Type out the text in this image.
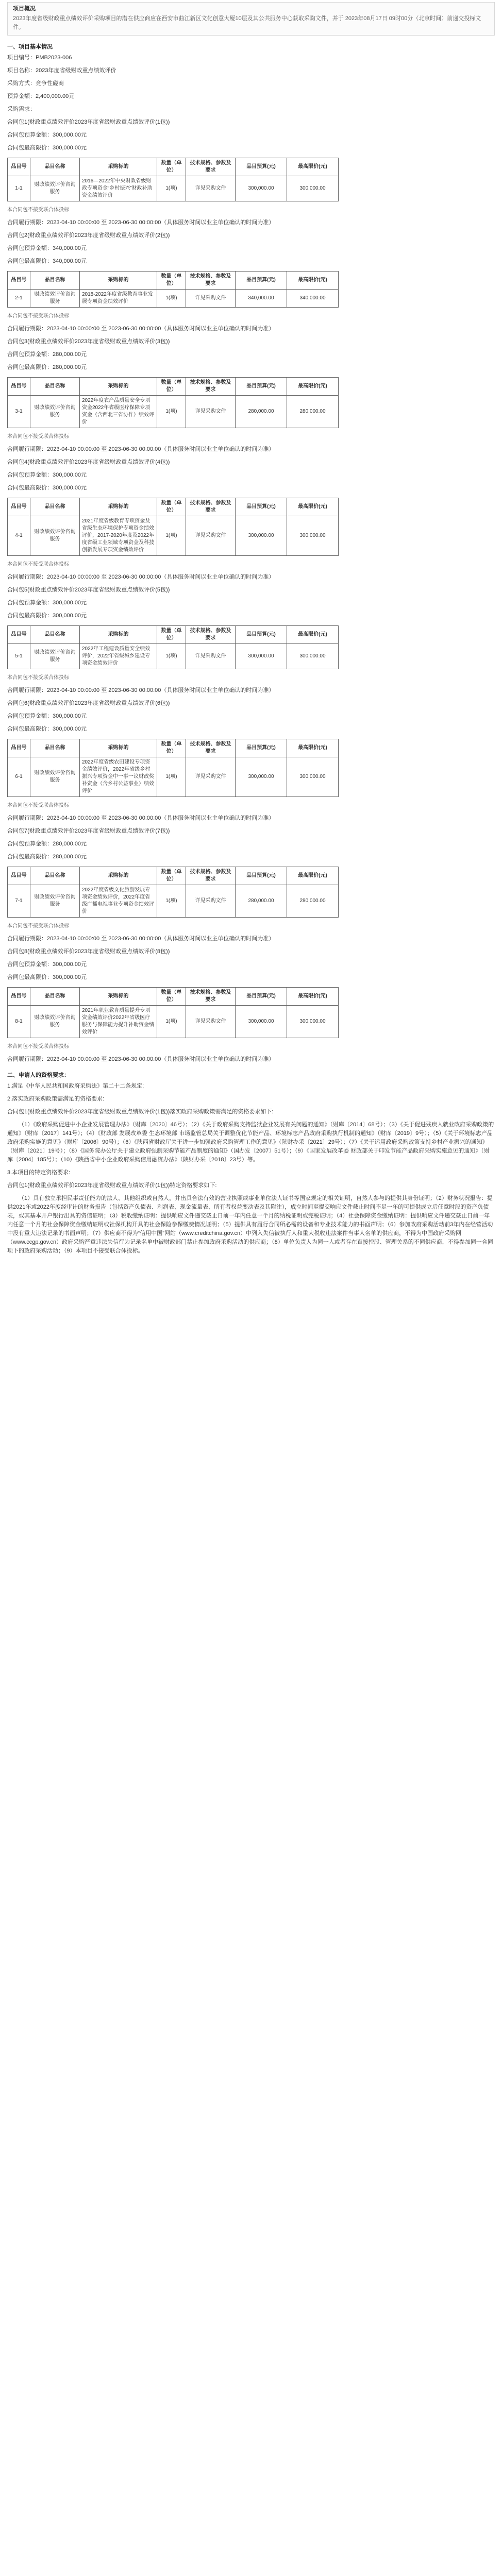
项目概况
2023年度省级财政重点绩效评价采购项目的潜在供应商应在西安市曲江新区文化创意大厦10层及其公共服务中心获取采购文件，并于 2023年08月17日 09时00分（北京时间）前递交投标文件。
一、项目基本情况

项目编号：PMB2023-006

项目名称：2023年度省级财政重点绩效评价

采购方式：竞争性磋商

预算金额：2,400,000.00元

采购需求：

合同包1(财政重点绩效评价2023年度省级财政重点绩效评价(1包))

合同包预算金额：300,000.00元

合同包最高限价：300,000.00元

品目号	品目名称	采购标的	数量（单位）	技术规格、参数及要求	品目预算(元)	最高限价(元)
1-1	财政绩效评价咨询服务	2016—2022年中央财政省级财政专项资金“乡村振兴”财政补助资金绩效评价	1(项)	详见采购文件	300,000.00	300,000.00

本合同包不接受联合体投标

合同履行期限：2023-04-10 00:00:00 至 2023-06-30 00:00:00（具体服务时间以业主单位确认的时间为准）

合同包2(财政重点绩效评价2023年度省级财政重点绩效评价(2包))

合同包预算金额：340,000.00元

合同包最高限价：340,000.00元

品目号	品目名称	采购标的	数量（单位）	技术规格、参数及要求	品目预算(元)	最高限价(元)
2-1	财政绩效评价咨询服务	2018-2022年度省级教育事业发展专项资金绩效评价	1(项)	详见采购文件	340,000.00	340,000.00

本合同包不接受联合体投标

合同履行期限：2023-04-10 00:00:00 至 2023-06-30 00:00:00（具体服务时间以业主单位确认的时间为准）

合同包3(财政重点绩效评价2023年度省级财政重点绩效评价(3包))

合同包预算金额：280,000.00元

合同包最高限价：280,000.00元

品目号	品目名称	采购标的	数量（单位）	技术规格、参数及要求	品目预算(元)	最高限价(元)
3-1	财政绩效评价咨询服务	2022年度农产品质量安全专项资金2022年省级医疗保障专项资金（含西北三省协作）绩效评价	1(项)	详见采购文件	280,000.00	280,000.00

本合同包不接受联合体投标

合同履行期限：2023-04-10 00:00:00 至 2023-06-30 00:00:00（具体服务时间以业主单位确认的时间为准）

合同包4(财政重点绩效评价2023年度省级财政重点绩效评价(4包))

合同包预算金额：300,000.00元

合同包最高限价：300,000.00元

品目号	品目名称	采购标的	数量（单位）	技术规格、参数及要求	品目预算(元)	最高限价(元)
4-1	财政绩效评价咨询服务	2021年度省级教育专项资金及省级生态环境保护专项资金绩效评价，2017-2020年度及2022年度省级工业领域专项资金及科技创新发展专项资金绩效评价	1(项)	详见采购文件	300,000.00	300,000.00

本合同包不接受联合体投标

合同履行期限：2023-04-10 00:00:00 至 2023-06-30 00:00:00（具体服务时间以业主单位确认的时间为准）

合同包5(财政重点绩效评价2023年度省级财政重点绩效评价(5包))

合同包预算金额：300,000.00元

合同包最高限价：300,000.00元

品目号	品目名称	采购标的	数量（单位）	技术规格、参数及要求	品目预算(元)	最高限价(元)
5-1	财政绩效评价咨询服务	2022年工程建设质量安全绩效评价，2022年省级城乡建设专项资金绩效评价	1(项)	详见采购文件	300,000.00	300,000.00

本合同包不接受联合体投标

合同履行期限：2023-04-10 00:00:00 至 2023-06-30 00:00:00（具体服务时间以业主单位确认的时间为准）

合同包6(财政重点绩效评价2023年度省级财政重点绩效评价(6包))

合同包预算金额：300,000.00元

合同包最高限价：300,000.00元

品目号	品目名称	采购标的	数量（单位）	技术规格、参数及要求	品目预算(元)	最高限价(元)
6-1	财政绩效评价咨询服务	2022年度省级农田建设专项资金绩效评价，2022年省级乡村振兴专项资金中一事一议财政奖补资金（含乡村公益事业）绩效评价	1(项)	详见采购文件	300,000.00	300,000.00

本合同包不接受联合体投标

合同履行期限：2023-04-10 00:00:00 至 2023-06-30 00:00:00（具体服务时间以业主单位确认的时间为准）

合同包7(财政重点绩效评价2023年度省级财政重点绩效评价(7包))

合同包预算金额：280,000.00元

合同包最高限价：280,000.00元

品目号	品目名称	采购标的	数量（单位）	技术规格、参数及要求	品目预算(元)	最高限价(元)
7-1	财政绩效评价咨询服务	2022年度省级文化旅游发展专项资金绩效评价，2022年度省级广播电视事业专项资金绩效评价	1(项)	详见采购文件	280,000.00	280,000.00

本合同包不接受联合体投标

合同履行期限：2023-04-10 00:00:00 至 2023-06-30 00:00:00（具体服务时间以业主单位确认的时间为准）

合同包8(财政重点绩效评价2023年度省级财政重点绩效评价(8包))

合同包预算金额：300,000.00元

合同包最高限价：300,000.00元

品目号	品目名称	采购标的	数量（单位）	技术规格、参数及要求	品目预算(元)	最高限价(元)
8-1	财政绩效评价咨询服务	2021年职业教育质量提升专项资金绩效评价2022年省级医疗服务与保障能力提升补助资金绩效评价	1(项)	详见采购文件	300,000.00	300,000.00

本合同包不接受联合体投标

合同履行期限：2023-04-10 00:00:00 至 2023-06-30 00:00:00（具体服务时间以业主单位确认的时间为准）

二、申请人的资格要求：

1.满足《中华人民共和国政府采购法》第二十二条规定;

2.落实政府采购政策需满足的资格要求:

合同包1(财政重点绩效评价2023年度省级财政重点绩效评价(1包))落实政府采购政策需满足的资格要求如下:

（1）《政府采购促进中小企业发展管理办法》（财库〔2020〕46号）；（2）《关于政府采购支持监狱企业发展有关问题的通知》（财库〔2014〕68号）；（3）《关于促进残疾人就业政府采购政策的通知》（财库〔2017〕141号）；（4）《财政部 发展改革委 生态环境部 市场监管总局关于调整优化节能产品、环境标志产品政府采购执行机制的通知》（财库〔2019〕9号）；（5）《关于环境标志产品政府采购实施的意见》（财库〔2006〕90号）；（6）《陕西省财政厅关于进一步加强政府采购管理工作的意见》（陕财办采〔2021〕29号）；（7）《关于运用政府采购政策支持乡村产业振兴的通知》（财库〔2021〕19号）；（8）《国务院办公厅关于建立政府强制采购节能产品制度的通知》（国办发〔2007〕51号）；（9）《国家发展改革委 财政部关于印发节能产品政府采购实施意见的通知》（财库〔2004〕185号）；（10）《陕西省中小企业政府采购信用融资办法》（陕财办采〔2018〕23号）等。

3.本项目的特定资格要求:

合同包1(财政重点绩效评价2023年度省级财政重点绩效评价(1包))特定资格要求如下:

（1）具有独立承担民事责任能力的法人、其他组织或自然人，并出具合法有效的营业执照或事业单位法人证书等国家规定的相关证明，自然人参与的提供其身份证明；（2）财务状况报告：提供2021年或2022年度经审计的财务报告（包括资产负债表、利润表、现金流量表、所有者权益变动表及其附注），成立时间至提交响应文件截止时间不足一年的可提供成立后任意时段的资产负债表，或其基本开户银行出具的资信证明；（3）税收缴纳证明：提供响应文件递交截止日前一年内任意一个月的纳税证明或完税证明；（4）社会保障资金缴纳证明：提供响应文件递交截止日前一年内任意一个月的社会保障资金缴纳证明或社保机构开具的社会保险参保缴费情况证明；（5）提供具有履行合同所必需的设备和专业技术能力的书面声明；（6）参加政府采购活动前3年内在经营活动中没有重大违法记录的书面声明；（7）供应商不得为“信用中国”网站（www.creditchina.gov.cn）中列入失信被执行人和重大税收违法案件当事人名单的供应商，不得为中国政府采购网（www.ccgp.gov.cn）政府采购严重违法失信行为记录名单中被财政部门禁止参加政府采购活动的供应商；（8）单位负责人为同一人或者存在直接控股、管理关系的不同供应商，不得参加同一合同项下的政府采购活动；（9）本项目不接受联合体投标。
